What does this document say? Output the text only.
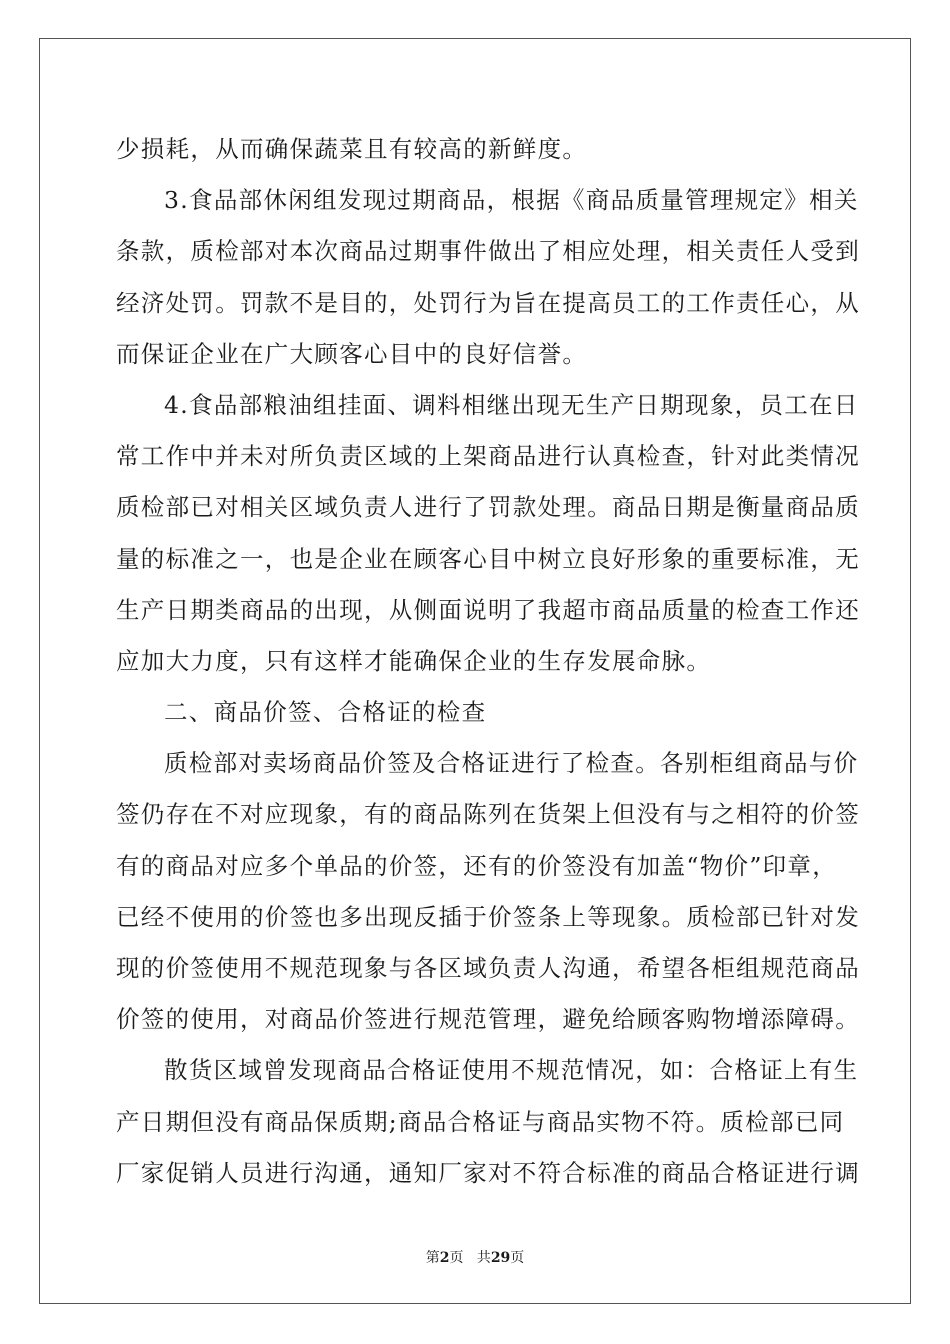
少损耗，从而确保蔬菜且有较高的新鲜度。
3.食品部休闲组发现过期商品，根据《商品质量管理规定》相关
条款，质检部对本次商品过期事件做出了相应处理，相关责任人受到
经济处罚。罚款不是目的，处罚行为旨在提高员工的工作责任心，从
而保证企业在广大顾客心目中的良好信誉。
4.食品部粮油组挂面、调料相继出现无生产日期现象，员工在日
常工作中并未对所负责区域的上架商品进行认真检查，针对此类情况
质检部已对相关区域负责人进行了罚款处理。商品日期是衡量商品质
量的标准之一，也是企业在顾客心目中树立良好形象的重要标准，无
生产日期类商品的出现，从侧面说明了我超市商品质量的检查工作还
应加大力度，只有这样才能确保企业的生存发展命脉。
二、商品价签、合格证的检查
质检部对卖场商品价签及合格证进行了检查。各别柜组商品与价
签仍存在不对应现象，有的商品陈列在货架上但没有与之相符的价签
有的商品对应多个单品的价签，还有的价签没有加盖“物价”印章，
已经不使用的价签也多出现反插于价签条上等现象。质检部已针对发
现的价签使用不规范现象与各区域负责人沟通，希望各柜组规范商品
价签的使用，对商品价签进行规范管理，避免给顾客购物增添障碍。
散货区域曾发现商品合格证使用不规范情况，如：合格证上有生
产日期但没有商品保质期;商品合格证与商品实物不符。质检部已同
厂家促销人员进行沟通，通知厂家对不符合标准的商品合格证进行调
第2页 共29页
